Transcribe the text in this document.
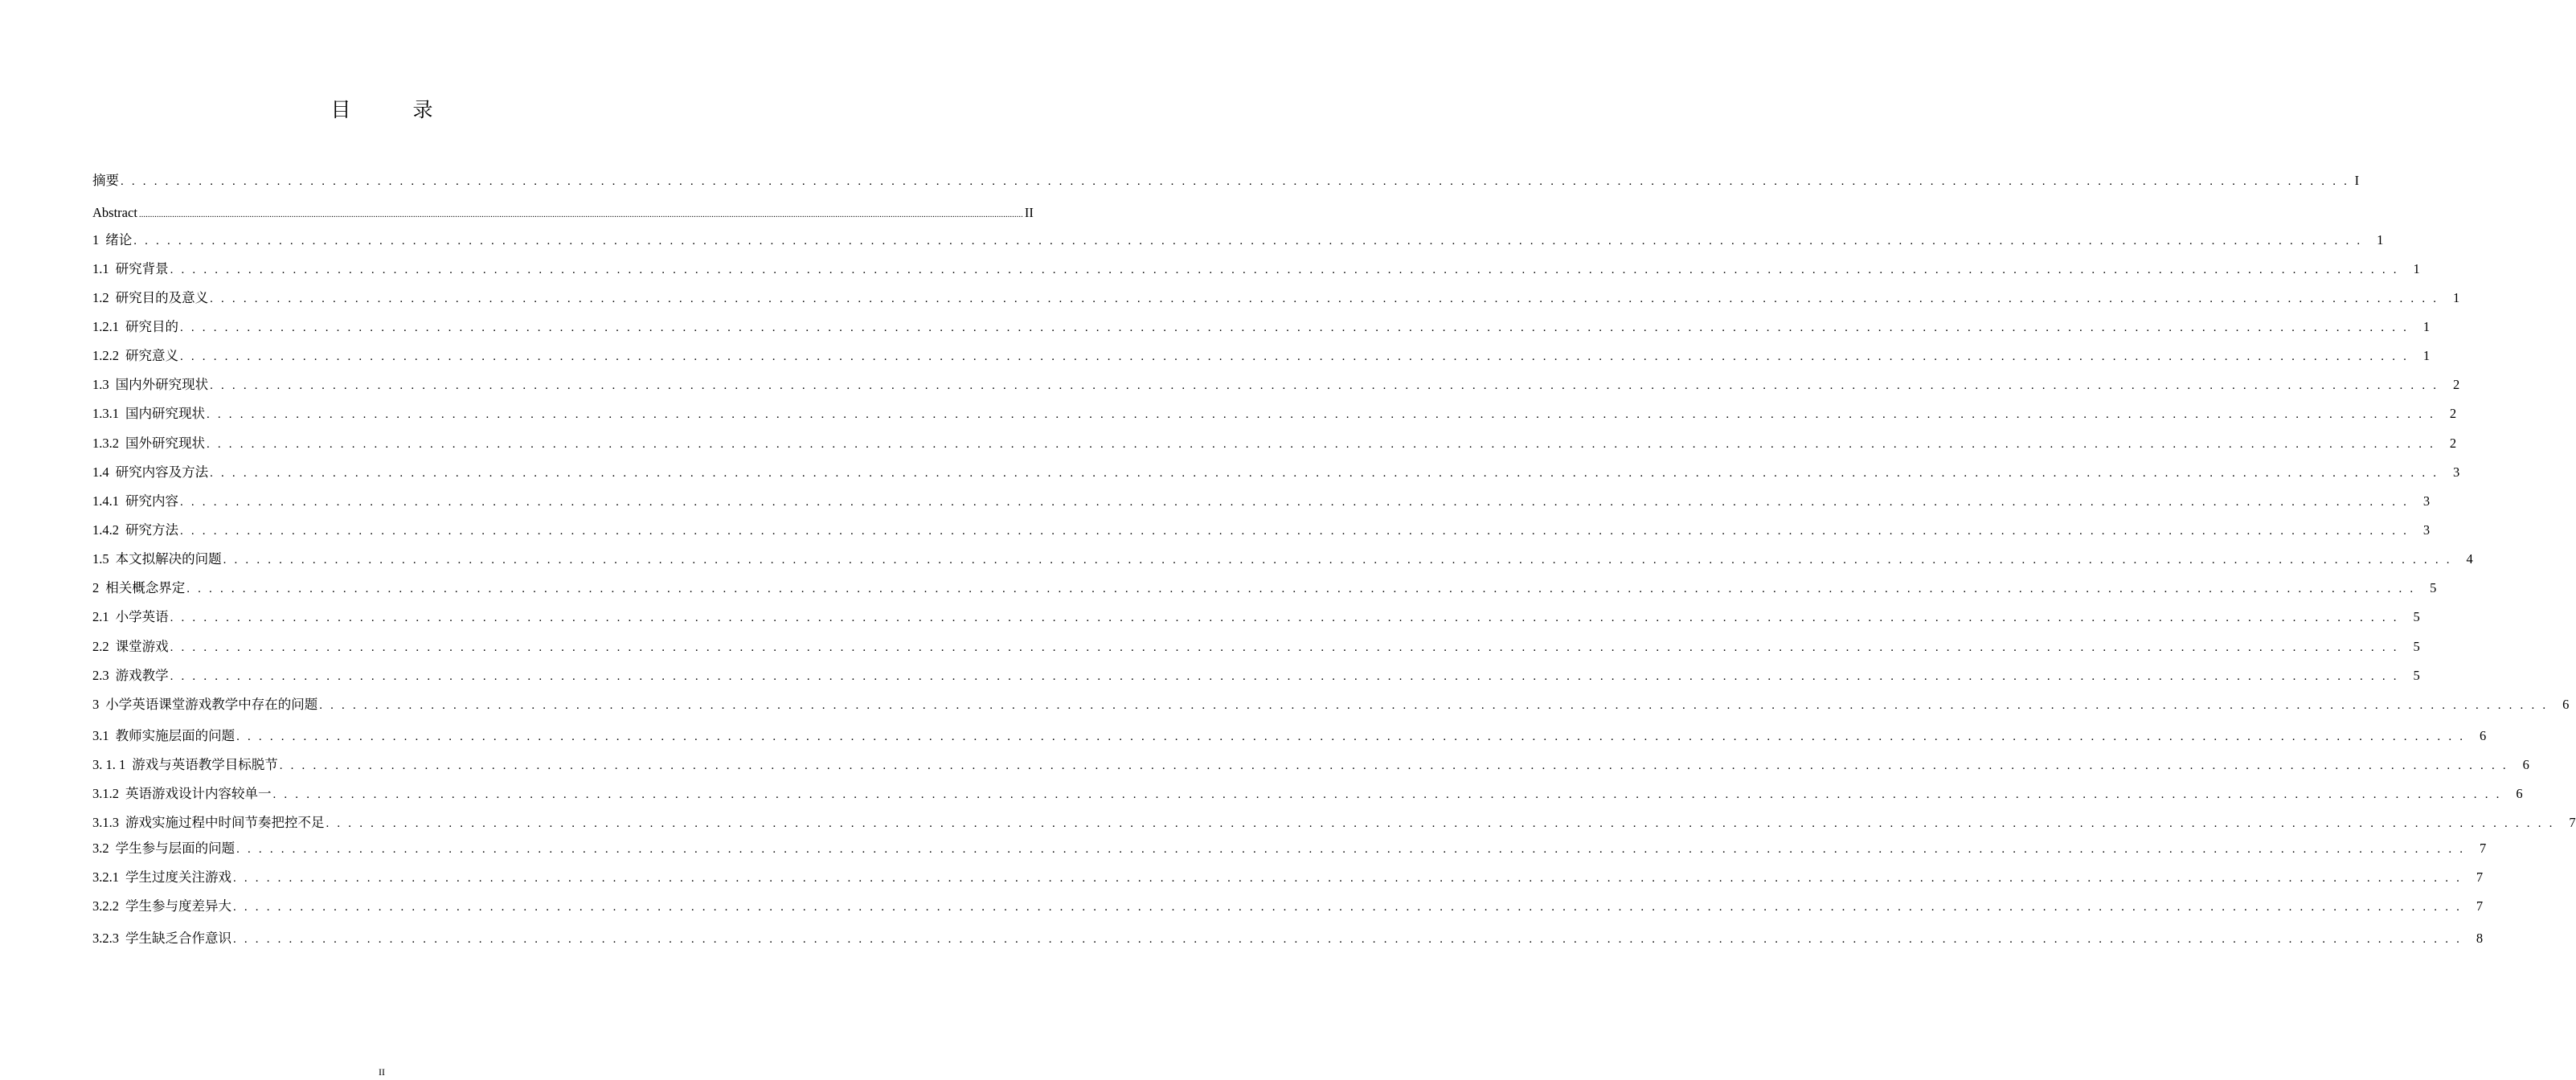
目　录
摘要 . . . . . . . . . . . . . . . . . . . . . . . . . . . . . . . . . . . . . . . . . . . . . . . . . . . . . . . . . . . . . . . . . . . . . . . . . . . . . . . . . . . . . . . . . . . . . . . . . . . . . . . . . . . . . . . . . . . . . . . . . . . . . . . . . . . . . . . . . . . . . . . . . . . . . . . . . . . . . . . . . . . . . . . . . . . . . . . . . . . . . . . . . . . . . . . . . . . . . . . . I
Abstract ................................................................................................................................................................................................................................................................................................................................................................................................................ II
1 绪论 . . . . . . . . . . . . . . . . . . . . . . . . . . . . . . . . . . . . . . . . . . . . . . . . . . . . . . . . . . . . . . . . . . . . . . . . . . . . . . . . . . . . . . . . . . . . . . . . . . . . . . . . . . . . . . . . . . . . . . . . . . . . . . . . . . . . . . . . . . . . . . . . . . . . . . . . . . . . . . . . . . . . . . . . . . . . . . . . . . . . . . . . . . . . . . . . . . . . . . . .	1
1.1 研究背景 . . . . . . . . . . . . . . . . . . . . . . . . . . . . . . . . . . . . . . . . . . . . . . . . . . . . . . . . . . . . . . . . . . . . . . . . . . . . . . . . . . . . . . . . . . . . . . . . . . . . . . . . . . . . . . . . . . . . . . . . . . . . . . . . . . . . . . . . . . . . . . . . . . . . . . . . . . . . . . . . . . . . . . . . . . . . . . . . . . . . . . . . . . . . . . . . . . . . . . . .	1
1.2 研究目的及意义 . . . . . . . . . . . . . . . . . . . . . . . . . . . . . . . . . . . . . . . . . . . . . . . . . . . . . . . . . . . . . . . . . . . . . . . . . . . . . . . . . . . . . . . . . . . . . . . . . . . . . . . . . . . . . . . . . . . . . . . . . . . . . . . . . . . . . . . . . . . . . . . . . . . . . . . . . . . . . . . . . . . . . . . . . . . . . . . . . . . . . . . . . . . . . . . . . . . . . . . .	1
1.2.1 研究目的 . . . . . . . . . . . . . . . . . . . . . . . . . . . . . . . . . . . . . . . . . . . . . . . . . . . . . . . . . . . . . . . . . . . . . . . . . . . . . . . . . . . . . . . . . . . . . . . . . . . . . . . . . . . . . . . . . . . . . . . . . . . . . . . . . . . . . . . . . . . . . . . . . . . . . . . . . . . . . . . . . . . . . . . . . . . . . . . . . . . . . . . . . . . . . . . . . . . . . . . .	1
1.2.2 研究意义 . . . . . . . . . . . . . . . . . . . . . . . . . . . . . . . . . . . . . . . . . . . . . . . . . . . . . . . . . . . . . . . . . . . . . . . . . . . . . . . . . . . . . . . . . . . . . . . . . . . . . . . . . . . . . . . . . . . . . . . . . . . . . . . . . . . . . . . . . . . . . . . . . . . . . . . . . . . . . . . . . . . . . . . . . . . . . . . . . . . . . . . . . . . . . . . . . . . . . . . .	1
1.3 国内外研究现状 . . . . . . . . . . . . . . . . . . . . . . . . . . . . . . . . . . . . . . . . . . . . . . . . . . . . . . . . . . . . . . . . . . . . . . . . . . . . . . . . . . . . . . . . . . . . . . . . . . . . . . . . . . . . . . . . . . . . . . . . . . . . . . . . . . . . . . . . . . . . . . . . . . . . . . . . . . . . . . . . . . . . . . . . . . . . . . . . . . . . . . . . . . . . . . . . . . . . . . . .	2
1.3.1 国内研究现状 . . . . . . . . . . . . . . . . . . . . . . . . . . . . . . . . . . . . . . . . . . . . . . . . . . . . . . . . . . . . . . . . . . . . . . . . . . . . . . . . . . . . . . . . . . . . . . . . . . . . . . . . . . . . . . . . . . . . . . . . . . . . . . . . . . . . . . . . . . . . . . . . . . . . . . . . . . . . . . . . . . . . . . . . . . . . . . . . . . . . . . . . . . . . . . . . . . . . . . . .	2
1.3.2 国外研究现状 . . . . . . . . . . . . . . . . . . . . . . . . . . . . . . . . . . . . . . . . . . . . . . . . . . . . . . . . . . . . . . . . . . . . . . . . . . . . . . . . . . . . . . . . . . . . . . . . . . . . . . . . . . . . . . . . . . . . . . . . . . . . . . . . . . . . . . . . . . . . . . . . . . . . . . . . . . . . . . . . . . . . . . . . . . . . . . . . . . . . . . . . . . . . . . . . . . . . . . . .	2
1.4 研究内容及方法 . . . . . . . . . . . . . . . . . . . . . . . . . . . . . . . . . . . . . . . . . . . . . . . . . . . . . . . . . . . . . . . . . . . . . . . . . . . . . . . . . . . . . . . . . . . . . . . . . . . . . . . . . . . . . . . . . . . . . . . . . . . . . . . . . . . . . . . . . . . . . . . . . . . . . . . . . . . . . . . . . . . . . . . . . . . . . . . . . . . . . . . . . . . . . . . . . . . . . . . .	3
1.4.1 研究内容 . . . . . . . . . . . . . . . . . . . . . . . . . . . . . . . . . . . . . . . . . . . . . . . . . . . . . . . . . . . . . . . . . . . . . . . . . . . . . . . . . . . . . . . . . . . . . . . . . . . . . . . . . . . . . . . . . . . . . . . . . . . . . . . . . . . . . . . . . . . . . . . . . . . . . . . . . . . . . . . . . . . . . . . . . . . . . . . . . . . . . . . . . . . . . . . . . . . . . . . .	3
1.4.2 研究方法 . . . . . . . . . . . . . . . . . . . . . . . . . . . . . . . . . . . . . . . . . . . . . . . . . . . . . . . . . . . . . . . . . . . . . . . . . . . . . . . . . . . . . . . . . . . . . . . . . . . . . . . . . . . . . . . . . . . . . . . . . . . . . . . . . . . . . . . . . . . . . . . . . . . . . . . . . . . . . . . . . . . . . . . . . . . . . . . . . . . . . . . . . . . . . . . . . . . . . . . .	3
1.5 本文拟解决的问题 . . . . . . . . . . . . . . . . . . . . . . . . . . . . . . . . . . . . . . . . . . . . . . . . . . . . . . . . . . . . . . . . . . . . . . . . . . . . . . . . . . . . . . . . . . . . . . . . . . . . . . . . . . . . . . . . . . . . . . . . . . . . . . . . . . . . . . . . . . . . . . . . . . . . . . . . . . . . . . . . . . . . . . . . . . . . . . . . . . . . . . . . . . . . . . . . . . . . . . . .	4
2 相关概念界定 . . . . . . . . . . . . . . . . . . . . . . . . . . . . . . . . . . . . . . . . . . . . . . . . . . . . . . . . . . . . . . . . . . . . . . . . . . . . . . . . . . . . . . . . . . . . . . . . . . . . . . . . . . . . . . . . . . . . . . . . . . . . . . . . . . . . . . . . . . . . . . . . . . . . . . . . . . . . . . . . . . . . . . . . . . . . . . . . . . . . . . . . . . . . . . . . . . . . . . . .	5
2.1 小学英语 . . . . . . . . . . . . . . . . . . . . . . . . . . . . . . . . . . . . . . . . . . . . . . . . . . . . . . . . . . . . . . . . . . . . . . . . . . . . . . . . . . . . . . . . . . . . . . . . . . . . . . . . . . . . . . . . . . . . . . . . . . . . . . . . . . . . . . . . . . . . . . . . . . . . . . . . . . . . . . . . . . . . . . . . . . . . . . . . . . . . . . . . . . . . . . . . . . . . . . . .	5
2.2 课堂游戏 . . . . . . . . . . . . . . . . . . . . . . . . . . . . . . . . . . . . . . . . . . . . . . . . . . . . . . . . . . . . . . . . . . . . . . . . . . . . . . . . . . . . . . . . . . . . . . . . . . . . . . . . . . . . . . . . . . . . . . . . . . . . . . . . . . . . . . . . . . . . . . . . . . . . . . . . . . . . . . . . . . . . . . . . . . . . . . . . . . . . . . . . . . . . . . . . . . . . . . . .	5
2.3 游戏教学 . . . . . . . . . . . . . . . . . . . . . . . . . . . . . . . . . . . . . . . . . . . . . . . . . . . . . . . . . . . . . . . . . . . . . . . . . . . . . . . . . . . . . . . . . . . . . . . . . . . . . . . . . . . . . . . . . . . . . . . . . . . . . . . . . . . . . . . . . . . . . . . . . . . . . . . . . . . . . . . . . . . . . . . . . . . . . . . . . . . . . . . . . . . . . . . . . . . . . . . .	5
3 小学英语课堂游戏教学中存在的问题 . . . . . . . . . . . . . . . . . . . . . . . . . . . . . . . . . . . . . . . . . . . . . . . . . . . . . . . . . . . . . . . . . . . . . . . . . . . . . . . . . . . . . . . . . . . . . . . . . . . . . . . . . . . . . . . . . . . . . . . . . . . . . . . . . . . . . . . . . . . . . . . . . . . . . . . . . . . . . . . . . . . . . . . . . . . . . . . . . . . . . . . . . . . . . . . . . . . . . . . .	6
3.1 教师实施层面的问题 . . . . . . . . . . . . . . . . . . . . . . . . . . . . . . . . . . . . . . . . . . . . . . . . . . . . . . . . . . . . . . . . . . . . . . . . . . . . . . . . . . . . . . . . . . . . . . . . . . . . . . . . . . . . . . . . . . . . . . . . . . . . . . . . . . . . . . . . . . . . . . . . . . . . . . . . . . . . . . . . . . . . . . . . . . . . . . . . . . . . . . . . . . . . . . . . . . . . . . . .	6
3. 1. 1 游戏与英语教学目标脱节 . . . . . . . . . . . . . . . . . . . . . . . . . . . . . . . . . . . . . . . . . . . . . . . . . . . . . . . . . . . . . . . . . . . . . . . . . . . . . . . . . . . . . . . . . . . . . . . . . . . . . . . . . . . . . . . . . . . . . . . . . . . . . . . . . . . . . . . . . . . . . . . . . . . . . . . . . . . . . . . . . . . . . . . . . . . . . . . . . . . . . . . . . . . . . . . . . . . . . . . .	6
3.1.2 英语游戏设计内容较单一 . . . . . . . . . . . . . . . . . . . . . . . . . . . . . . . . . . . . . . . . . . . . . . . . . . . . . . . . . . . . . . . . . . . . . . . . . . . . . . . . . . . . . . . . . . . . . . . . . . . . . . . . . . . . . . . . . . . . . . . . . . . . . . . . . . . . . . . . . . . . . . . . . . . . . . . . . . . . . . . . . . . . . . . . . . . . . . . . . . . . . . . . . . . . . . . . . . . . . . . .	6
3.1.3 游戏实施过程中时间节奏把控不足 . . . . . . . . . . . . . . . . . . . . . . . . . . . . . . . . . . . . . . . . . . . . . . . . . . . . . . . . . . . . . . . . . . . . . . . . . . . . . . . . . . . . . . . . . . . . . . . . . . . . . . . . . . . . . . . . . . . . . . . . . . . . . . . . . . . . . . . . . . . . . . . . . . . . . . . . . . . . . . . . . . . . . . . . . . . . . . . . . . . . . . . . . . . . . . . . . . . . . . . .	7
3.2 学生参与层面的问题 . . . . . . . . . . . . . . . . . . . . . . . . . . . . . . . . . . . . . . . . . . . . . . . . . . . . . . . . . . . . . . . . . . . . . . . . . . . . . . . . . . . . . . . . . . . . . . . . . . . . . . . . . . . . . . . . . . . . . . . . . . . . . . . . . . . . . . . . . . . . . . . . . . . . . . . . . . . . . . . . . . . . . . . . . . . . . . . . . . . . . . . . . . . . . . . . . . . . . . . .	7
3.2.1 学生过度关注游戏 . . . . . . . . . . . . . . . . . . . . . . . . . . . . . . . . . . . . . . . . . . . . . . . . . . . . . . . . . . . . . . . . . . . . . . . . . . . . . . . . . . . . . . . . . . . . . . . . . . . . . . . . . . . . . . . . . . . . . . . . . . . . . . . . . . . . . . . . . . . . . . . . . . . . . . . . . . . . . . . . . . . . . . . . . . . . . . . . . . . . . . . . . . . . . . . . . . . . . . . .	7
3.2.2 学生参与度差异大 . . . . . . . . . . . . . . . . . . . . . . . . . . . . . . . . . . . . . . . . . . . . . . . . . . . . . . . . . . . . . . . . . . . . . . . . . . . . . . . . . . . . . . . . . . . . . . . . . . . . . . . . . . . . . . . . . . . . . . . . . . . . . . . . . . . . . . . . . . . . . . . . . . . . . . . . . . . . . . . . . . . . . . . . . . . . . . . . . . . . . . . . . . . . . . . . . . . . . . . .	7
3.2.3 学生缺乏合作意识 . . . . . . . . . . . . . . . . . . . . . . . . . . . . . . . . . . . . . . . . . . . . . . . . . . . . . . . . . . . . . . . . . . . . . . . . . . . . . . . . . . . . . . . . . . . . . . . . . . . . . . . . . . . . . . . . . . . . . . . . . . . . . . . . . . . . . . . . . . . . . . . . . . . . . . . . . . . . . . . . . . . . . . . . . . . . . . . . . . . . . . . . . . . . . . . . . . . . . . . .	8
II
